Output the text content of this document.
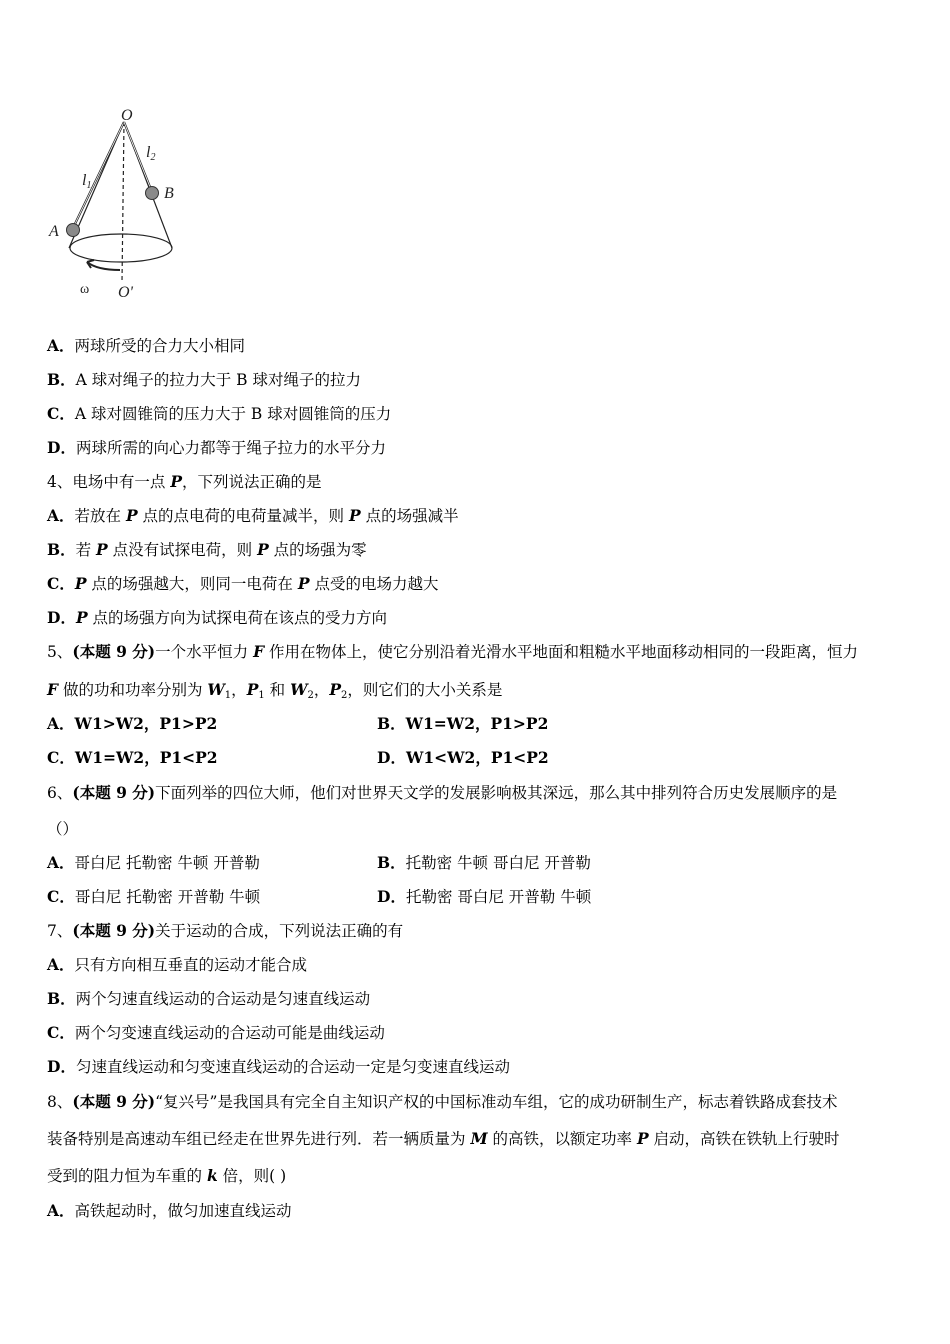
O
l1
l2
A
B
ω O'
A．两球所受的合力大小相同
B．A 球对绳子的拉力大于 B 球对绳子的拉力
C．A 球对圆锥筒的压力大于 B 球对圆锥筒的压力
D．两球所需的向心力都等于绳子拉力的水平分力
4、电场中有一点 P，下列说法正确的是
A．若放在 P 点的点电荷的电荷量减半，则 P 点的场强减半
B．若 P 点没有试探电荷，则 P 点的场强为零
C．P 点的场强越大，则同一电荷在 P 点受的电场力越大
D．P 点的场强方向为试探电荷在该点的受力方向
5、(本题 9 分)一个水平恒力 F 作用在物体上，使它分别沿着光滑水平地面和粗糙水平地面移动相同的一段距离，恒力
F 做的功和功率分别为 $W_1$，$P_1$ 和 $W_2$，$P_2$，则它们的大小关系是
A．W1>W2，P1>P2	B．W1=W2，P1>P2
C．W1=W2，P1<P2	D．W1<W2，P1<P2
6、(本题 9 分)下面列举的四位大师，他们对世界天文学的发展影响极其深远，那么其中排列符合历史发展顺序的是
（）
A．哥白尼 托勒密 牛顿 开普勒	B．托勒密 牛顿 哥白尼 开普勒
C．哥白尼 托勒密 开普勒 牛顿	D．托勒密 哥白尼 开普勒 牛顿
7、(本题 9 分)关于运动的合成，下列说法正确的有
A．只有方向相互垂直的运动才能合成
B．两个匀速直线运动的合运动是匀速直线运动
C．两个匀变速直线运动的合运动可能是曲线运动
D．匀速直线运动和匀变速直线运动的合运动一定是匀变速直线运动
8、(本题 9 分)“复兴号”是我国具有完全自主知识产权的中国标准动车组，它的成功研制生产，标志着铁路成套技术
装备特别是高速动车组已经走在世界先进行列．若一辆质量为 M 的高铁，以额定功率 P 启动，高铁在铁轨上行驶时
受到的阻力恒为车重的 k 倍，则( )
A．高铁起动时，做匀加速直线运动
